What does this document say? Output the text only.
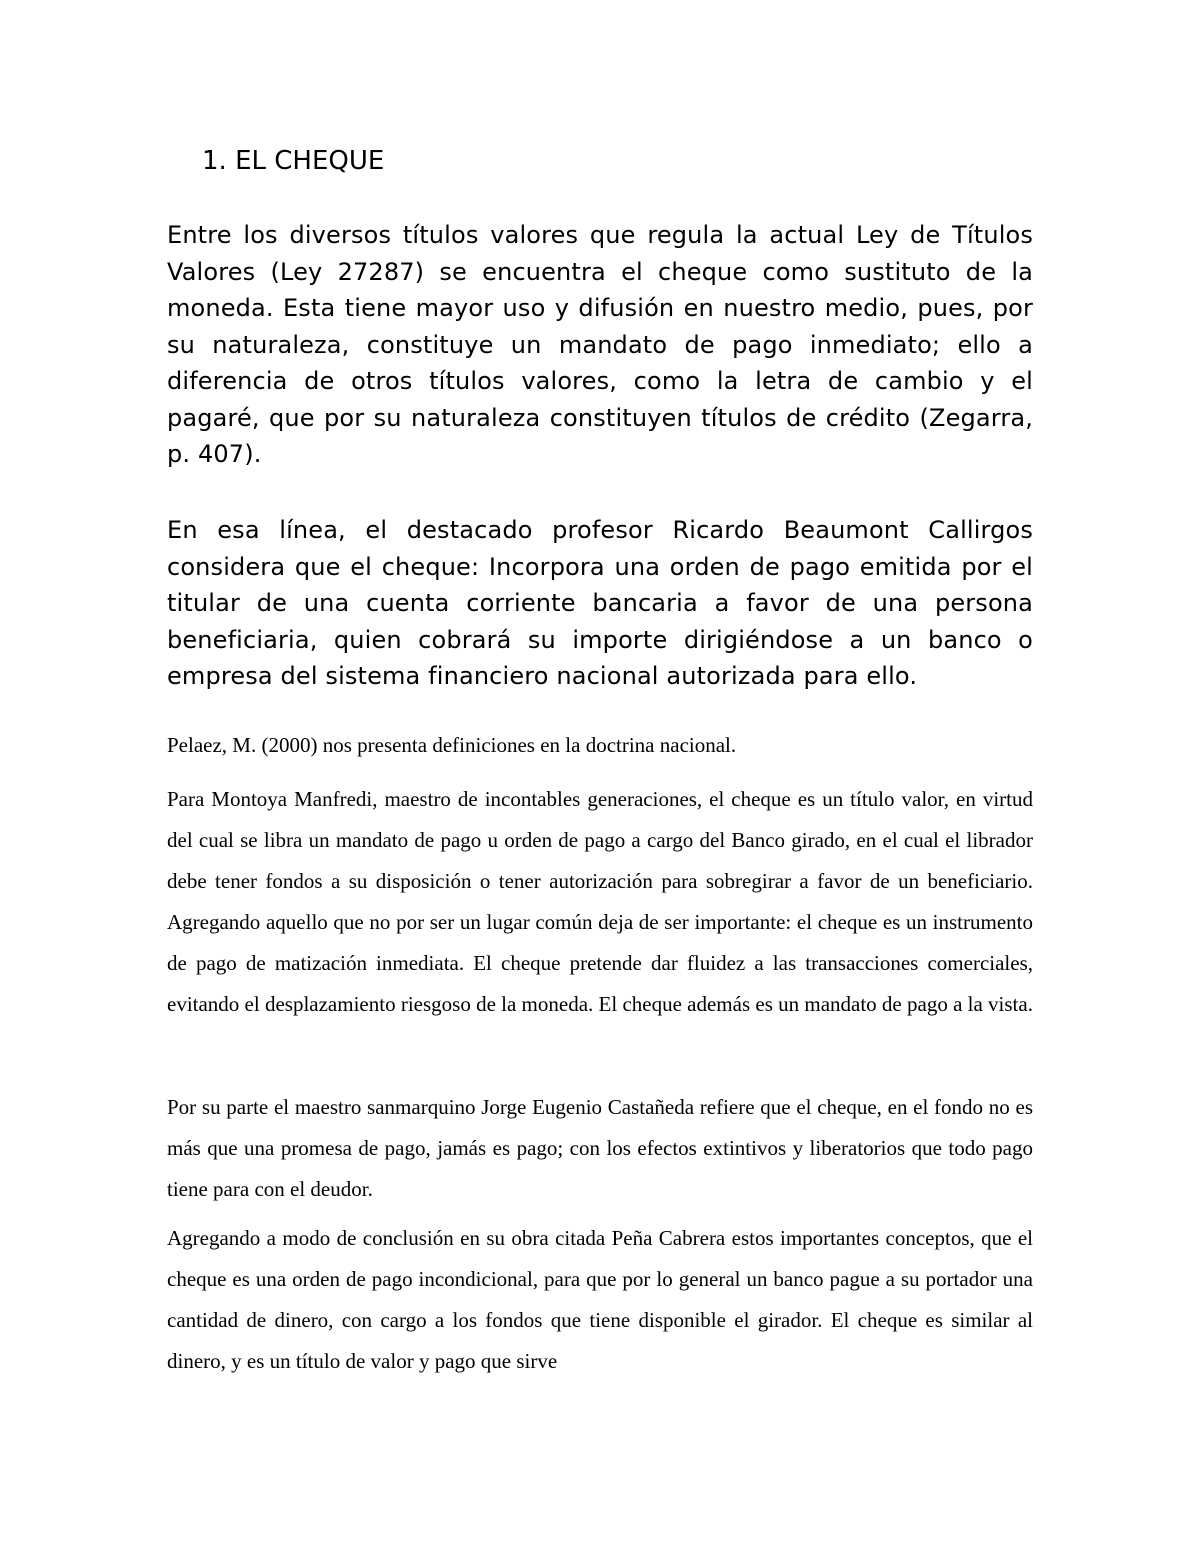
1. EL CHEQUE

Entre los diversos títulos valores que regula la actual Ley de Títulos Valores (Ley 27287) se encuentra el cheque como sustituto de la moneda. Esta tiene mayor uso y difusión en nuestro medio, pues, por su naturaleza, constituye un mandato de pago inmediato; ello a diferencia de otros títulos valores, como la letra de cambio y el pagaré, que por su naturaleza constituyen títulos de crédito (Zegarra, p. 407).

En esa línea, el destacado profesor Ricardo Beaumont Callirgos considera que el cheque: Incorpora una orden de pago emitida por el titular de una cuenta corriente bancaria a favor de una persona beneficiaria, quien cobrará su importe dirigiéndose a un banco o empresa del sistema financiero nacional autorizada para ello.

Pelaez, M. (2000) nos presenta definiciones en la doctrina nacional.

Para Montoya Manfredi, maestro de incontables generaciones, el cheque es un título valor, en virtud del cual se libra un mandato de pago u orden de pago a cargo del Banco girado, en el cual el librador debe tener fondos a su disposición o tener autorización para sobregirar a favor de un beneficiario. Agregando aquello que no por ser un lugar común deja de ser importante: el cheque es un instrumento de pago de matización inmediata. El cheque pretende dar fluidez a las transacciones comerciales, evitando el desplazamiento riesgoso de la moneda. El cheque además es un mandato de pago a la vista.

Por su parte el maestro sanmarquino Jorge Eugenio Castañeda refiere que el cheque, en el fondo no es más que una promesa de pago, jamás es pago; con los efectos extintivos y liberatorios que todo pago tiene para con el deudor.

Agregando a modo de conclusión en su obra citada Peña Cabrera estos importantes conceptos, que el cheque es una orden de pago incondicional, para que por lo general un banco pague a su portador una cantidad de dinero, con cargo a los fondos que tiene disponible el girador. El cheque es similar al dinero, y es un título de valor y pago que sirve
